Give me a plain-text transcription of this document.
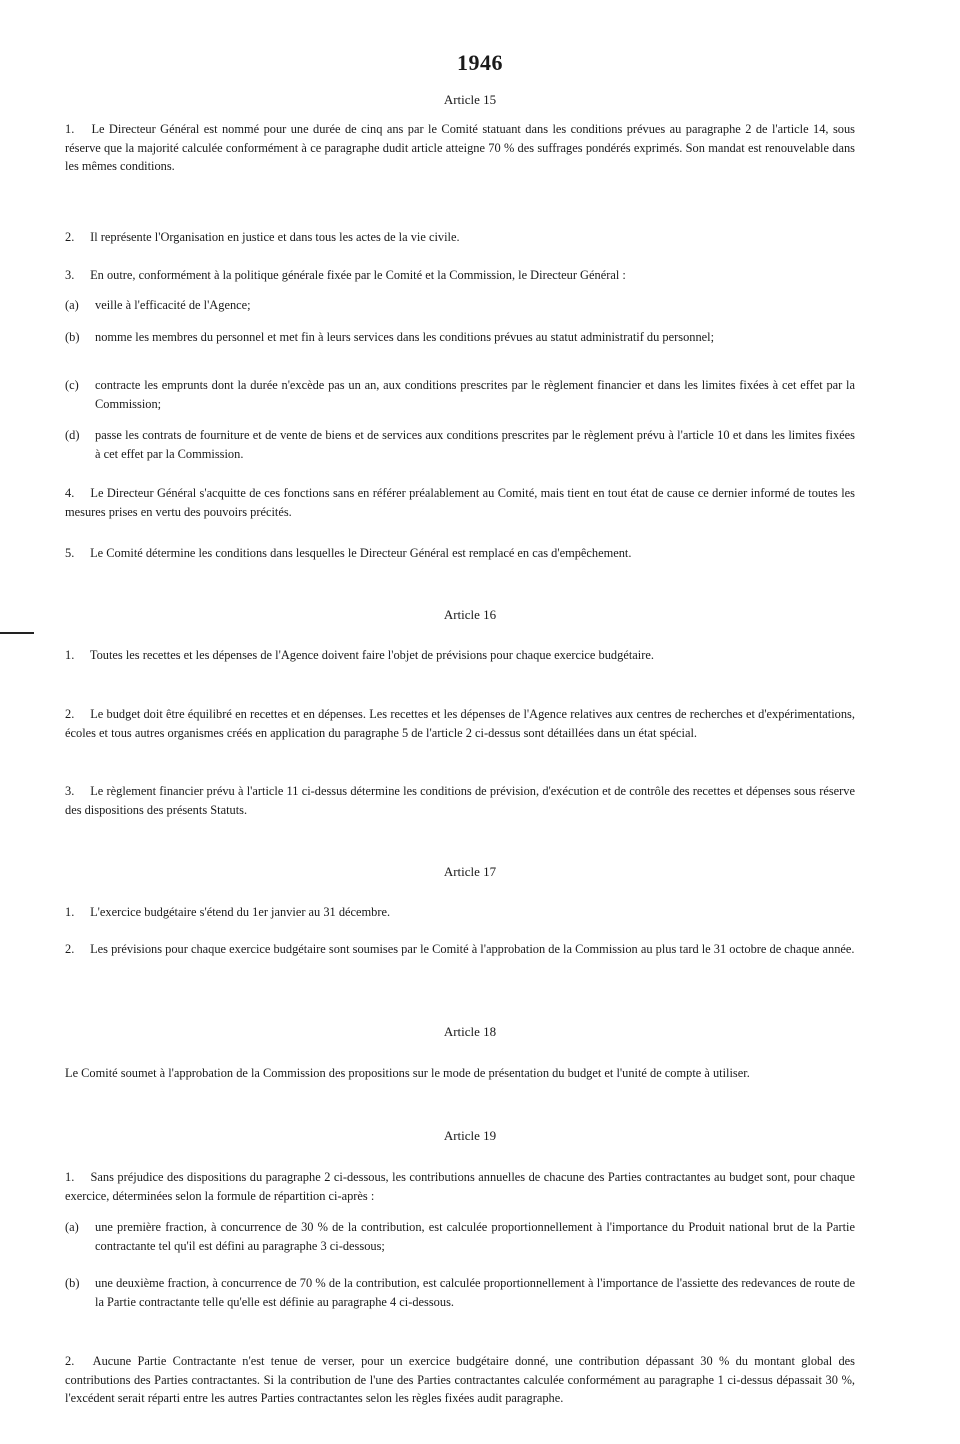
1946
Article 15
1. Le Directeur Général est nommé pour une durée de cinq ans par le Comité statuant dans les conditions prévues au paragraphe 2 de l'article 14, sous réserve que la majorité calculée conformément à ce paragraphe dudit article atteigne 70 % des suffrages pondérés exprimés. Son mandat est renouvelable dans les mêmes conditions.
2. Il représente l'Organisation en justice et dans tous les actes de la vie civile.
3. En outre, conformément à la politique générale fixée par le Comité et la Commission, le Directeur Général :
(a)	veille à l'efficacité de l'Agence;
(b)	nomme les membres du personnel et met fin à leurs services dans les conditions prévues au statut administratif du personnel;
(c)	contracte les emprunts dont la durée n'excède pas un an, aux conditions prescrites par le règlement financier et dans les limites fixées à cet effet par la Commission;
(d)	passe les contrats de fourniture et de vente de biens et de services aux conditions prescrites par le règlement prévu à l'article 10 et dans les limites fixées à cet effet par la Commission.
4. Le Directeur Général s'acquitte de ces fonctions sans en référer préalablement au Comité, mais tient en tout état de cause ce dernier informé de toutes les mesures prises en vertu des pouvoirs précités.
5. Le Comité détermine les conditions dans lesquelles le Directeur Général est remplacé en cas d'empêchement.
Article 16
1. Toutes les recettes et les dépenses de l'Agence doivent faire l'objet de prévisions pour chaque exercice budgétaire.
2. Le budget doit être équilibré en recettes et en dépenses. Les recettes et les dépenses de l'Agence relatives aux centres de recherches et d'expérimentations, écoles et tous autres organismes créés en application du paragraphe 5 de l'article 2 ci-dessus sont détaillées dans un état spécial.
3. Le règlement financier prévu à l'article 11 ci-dessus détermine les conditions de prévision, d'exécution et de contrôle des recettes et dépenses sous réserve des dispositions des présents Statuts.
Article 17
1. L'exercice budgétaire s'étend du 1er janvier au 31 décembre.
2. Les prévisions pour chaque exercice budgétaire sont soumises par le Comité à l'approbation de la Commission au plus tard le 31 octobre de chaque année.
Article 18
Le Comité soumet à l'approbation de la Commission des propositions sur le mode de présentation du budget et l'unité de compte à utiliser.
Article 19
1. Sans préjudice des dispositions du paragraphe 2 ci-dessous, les contributions annuelles de chacune des Parties contractantes au budget sont, pour chaque exercice, déterminées selon la formule de répartition ci-après :
(a)	une première fraction, à concurrence de 30 % de la contribution, est calculée proportionnellement à l'importance du Produit national brut de la Partie contractante tel qu'il est défini au paragraphe 3 ci-dessous;
(b)	une deuxième fraction, à concurrence de 70 % de la contribution, est calculée proportionnellement à l'importance de l'assiette des redevances de route de la Partie contractante telle qu'elle est définie au paragraphe 4 ci-dessous.
2. Aucune Partie Contractante n'est tenue de verser, pour un exercice budgétaire donné, une contribution dépassant 30 % du montant global des contributions des Parties contractantes. Si la contribution de l'une des Parties contractantes calculée conformément au paragraphe 1 ci-dessus dépassait 30 %, l'excédent serait réparti entre les autres Parties contractantes selon les règles fixées audit paragraphe.
